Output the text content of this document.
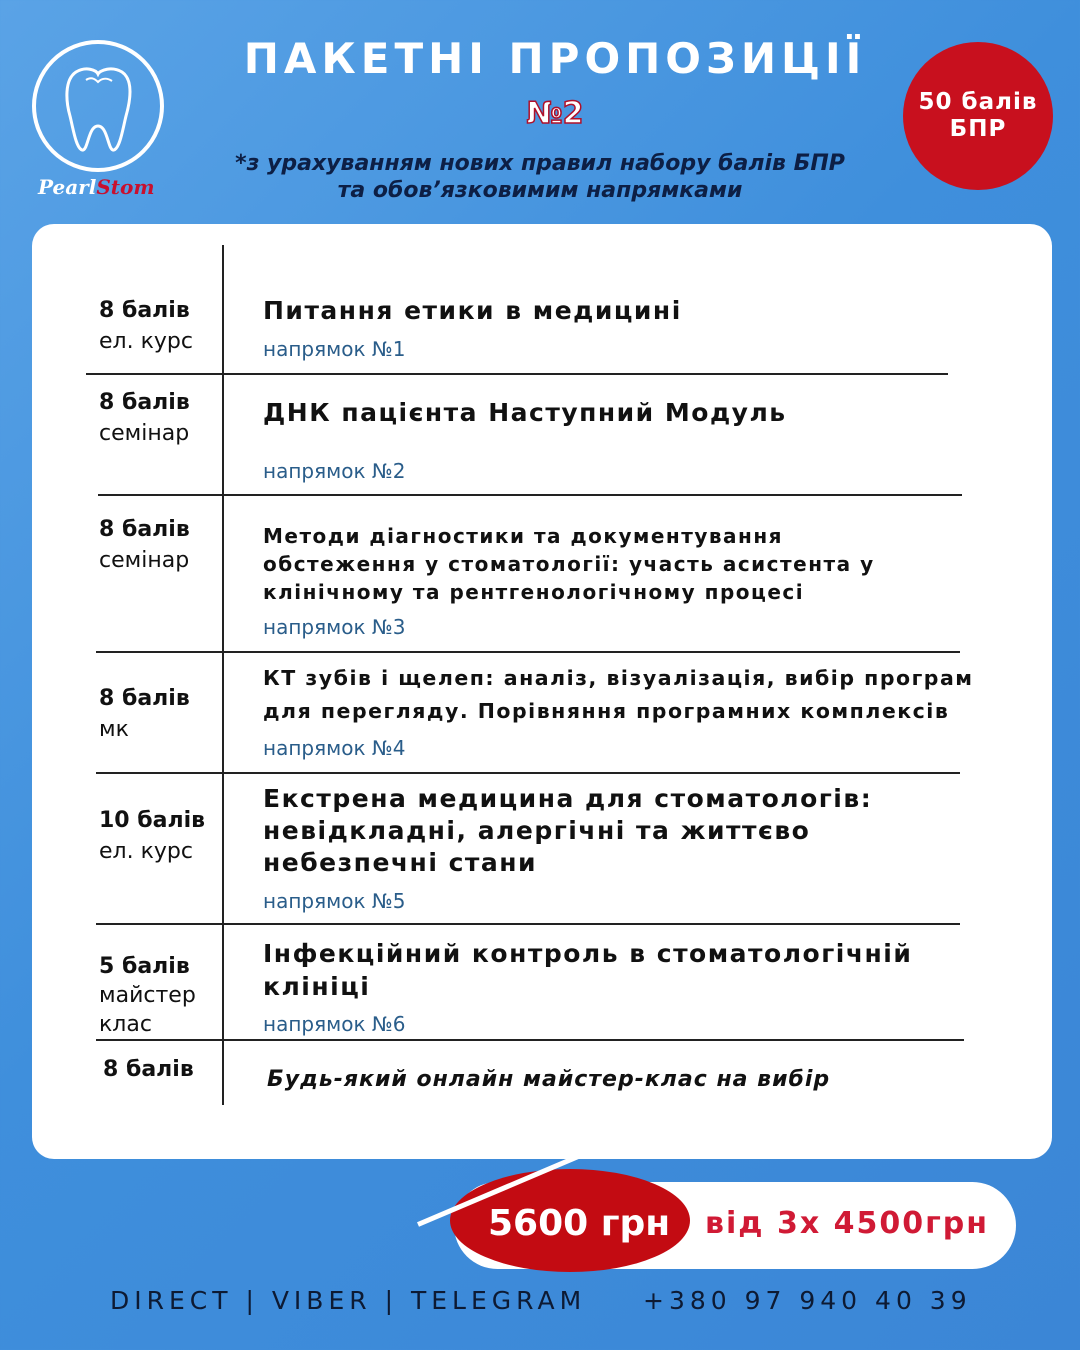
PearlStom
ПАКЕТНІ ПРОПОЗИЦІЇ
№2
*з урахуванням нових правил набору балів БПР
та обов’язковимим напрямками
50 балів
БПР
8 балів
ел. курс
Питання етики в медицині
напрямок №1
8 балів
семінар
ДНК пацієнта Наступний Модуль
напрямок №2
8 балів
семінар
Методи діагностики та документування обстеження у стоматології: участь асистента у клінічному та рентгенологічному процесі
напрямок №3
8 балів
мк
КТ зубів і щелеп: аналіз, візуалізація, вибір програм для перегляду. Порівняння програмних комплексів
напрямок №4
10 балів
ел. курс
Екстрена медицина для стоматологів: невідкладні, алергічні та життєво небезпечні стани
напрямок №5
5 балів
майстер клас
Інфекційний контроль в стоматологічній клініці
напрямок №6
8 балів	Будь-який онлайн майстер-клас на вибір
5600 грн від 3х 4500грн
DIRECT | VIBER | TELEGRAM +380 97 940 40 39
